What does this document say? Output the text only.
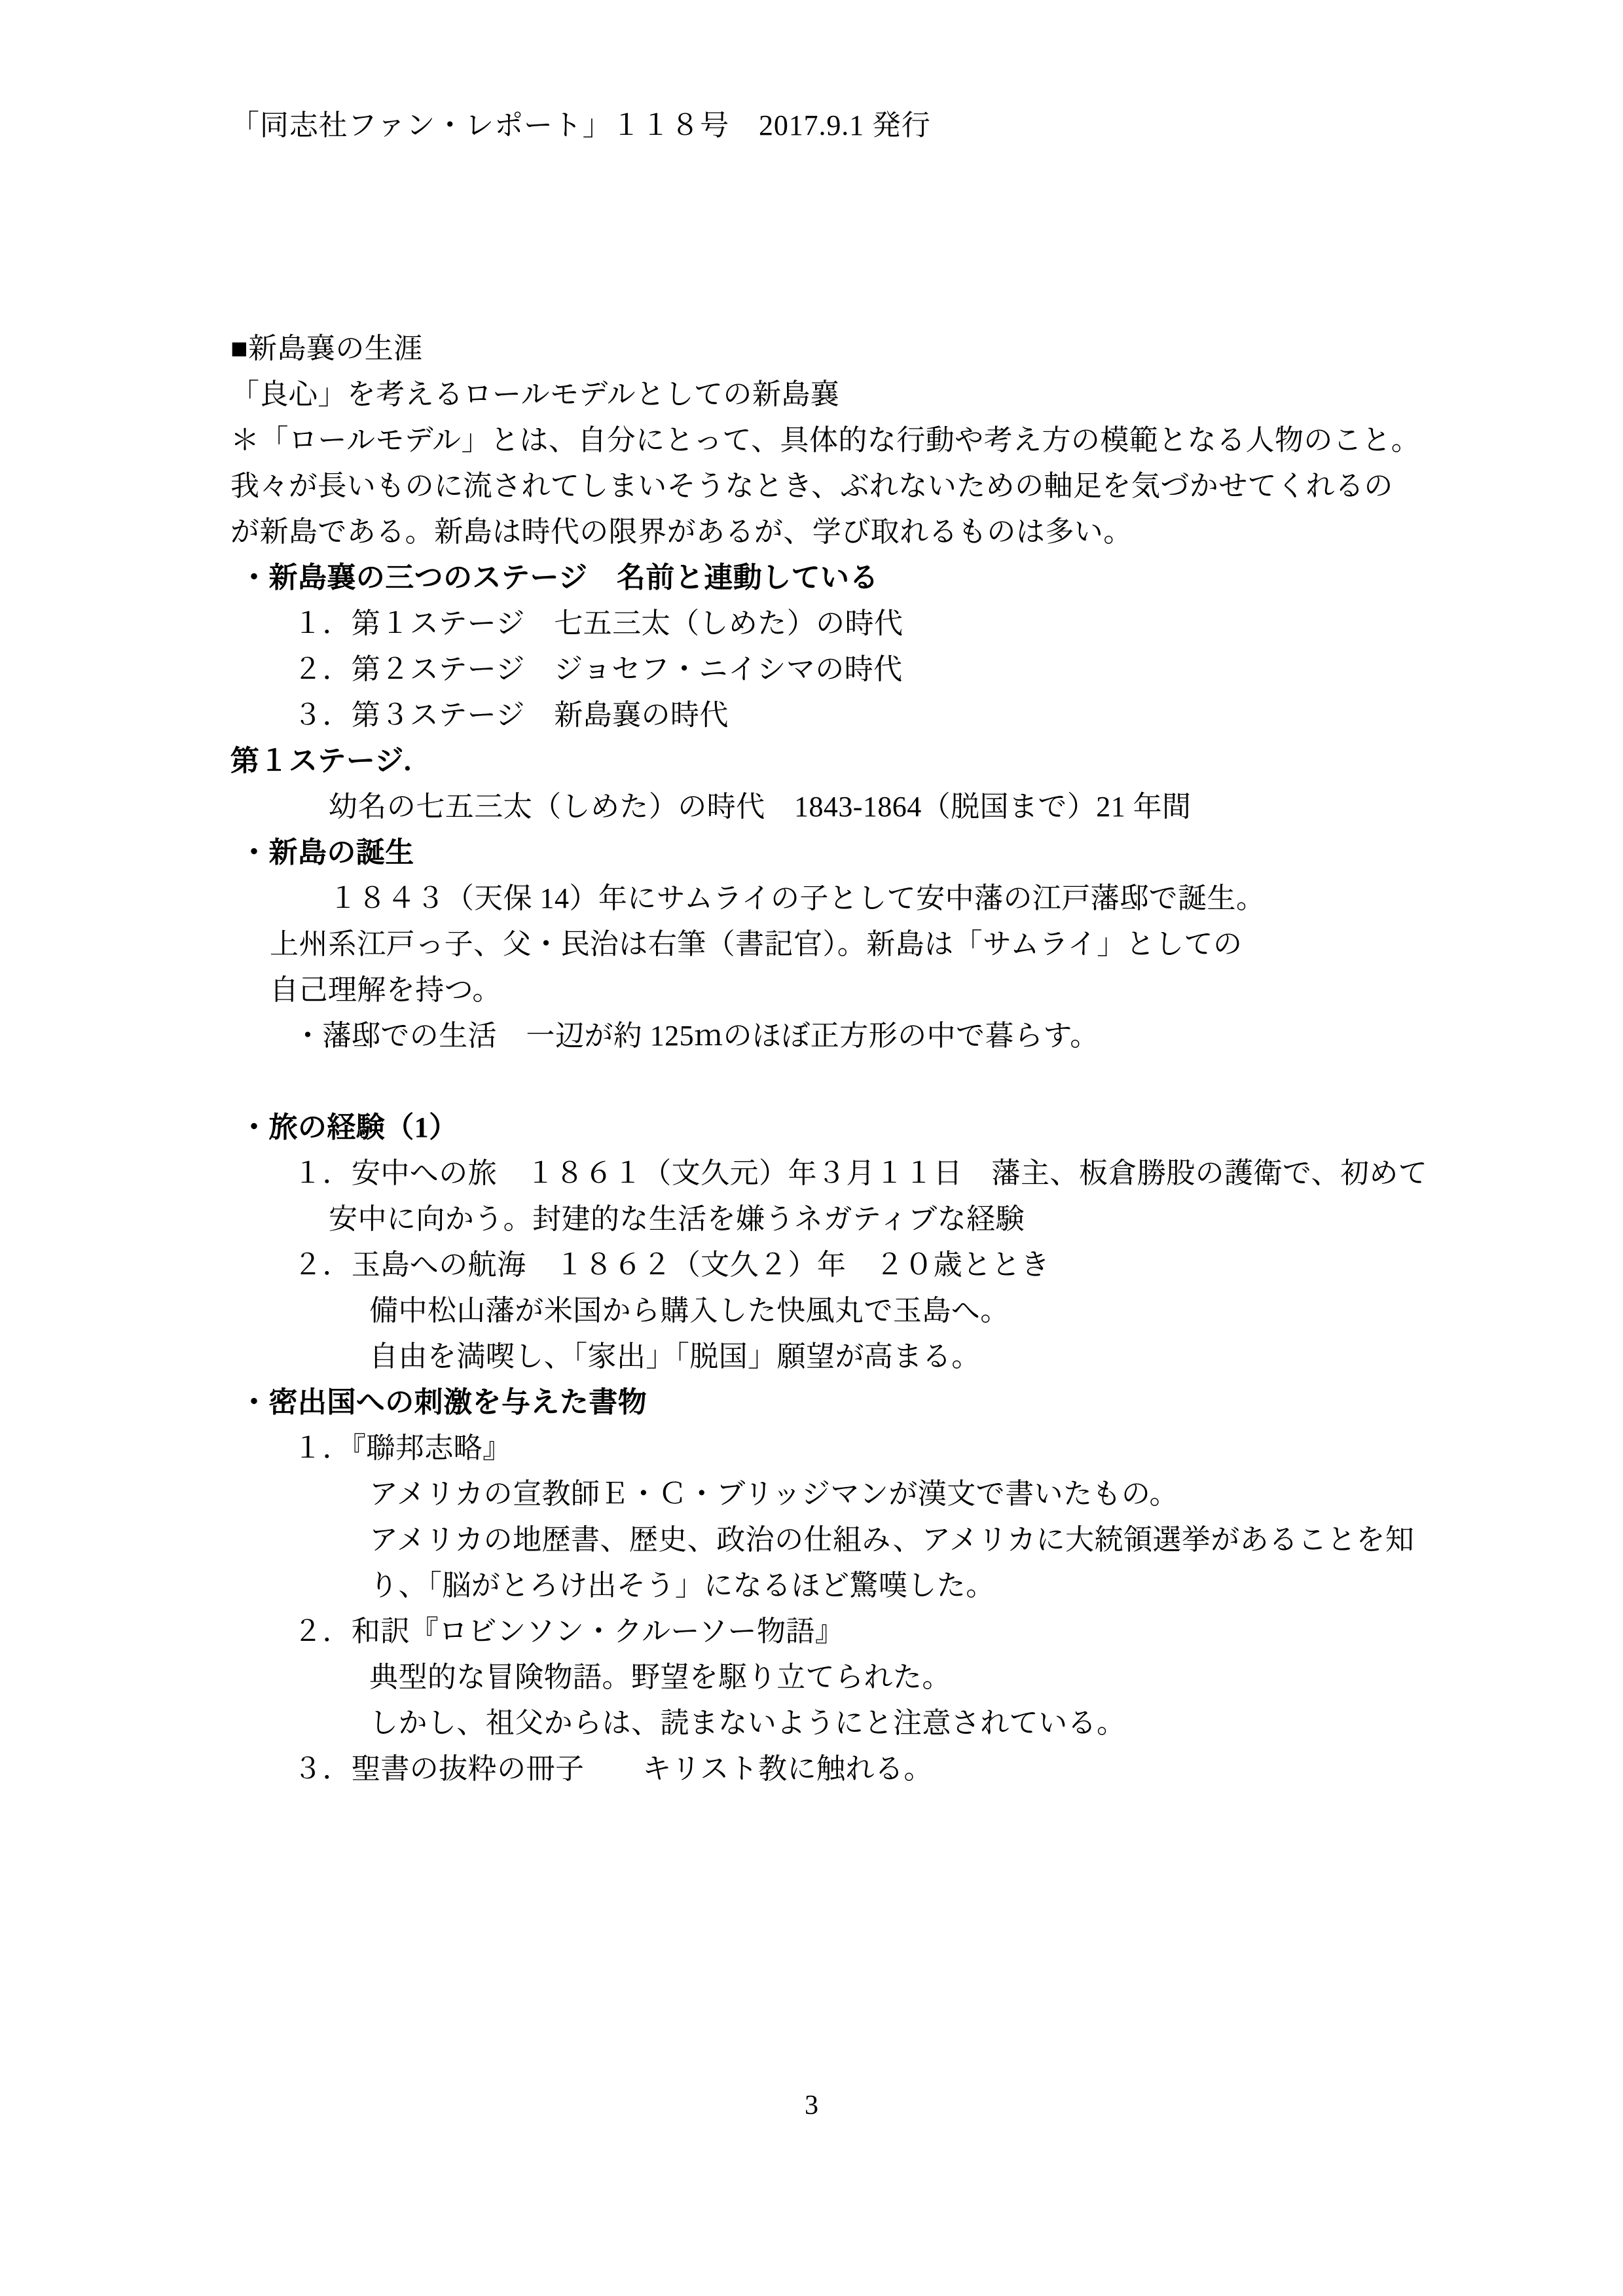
「同志社ファン・レポート」１１８号　2017.9.1 発行
■新島襄の生涯
「良心」を考えるロールモデルとしての新島襄
＊「ロールモデル」とは、自分にとって、具体的な行動や考え方の模範となる人物のこと。
我々が長いものに流されてしまいそうなとき、ぶれないための軸足を気づかせてくれるの
が新島である。新島は時代の限界があるが、学び取れるものは多い。
・新島襄の三つのステージ　名前と連動している
１．第１ステージ　七五三太（しめた）の時代
２．第２ステージ　ジョセフ・ニイシマの時代
３．第３ステージ　新島襄の時代
第１ステージ.
幼名の七五三太（しめた）の時代　1843-1864（脱国まで）21 年間
・新島の誕生
１８４３（天保 14）年にサムライの子として安中藩の江戸藩邸で誕生。
上州系江戸っ子、父・民治は右筆（書記官）。新島は「サムライ」としての
自己理解を持つ。
・藩邸での生活　一辺が約 125ｍのほぼ正方形の中で暮らす。
・旅の経験（1）
１．安中への旅　１８６１（文久元）年３月１１日　藩主、板倉勝股の護衛で、初めて
安中に向かう。封建的な生活を嫌うネガティブな経験
２．玉島への航海　１８６２（文久２）年　２０歳ととき
備中松山藩が米国から購入した快風丸で玉島へ。
自由を満喫し、「家出」「脱国」願望が高まる。
・密出国への刺激を与えた書物
１．『聯邦志略』
アメリカの宣教師Ｅ・Ｃ・ブリッジマンが漢文で書いたもの。
アメリカの地歴書、歴史、政治の仕組み、アメリカに大統領選挙があることを知
り、「脳がとろけ出そう」になるほど驚嘆した。
２．和訳『ロビンソン・クルーソー物語』
典型的な冒険物語。野望を駆り立てられた。
しかし、祖父からは、読まないようにと注意されている。
３．聖書の抜粋の冊子　　キリスト教に触れる。
3
